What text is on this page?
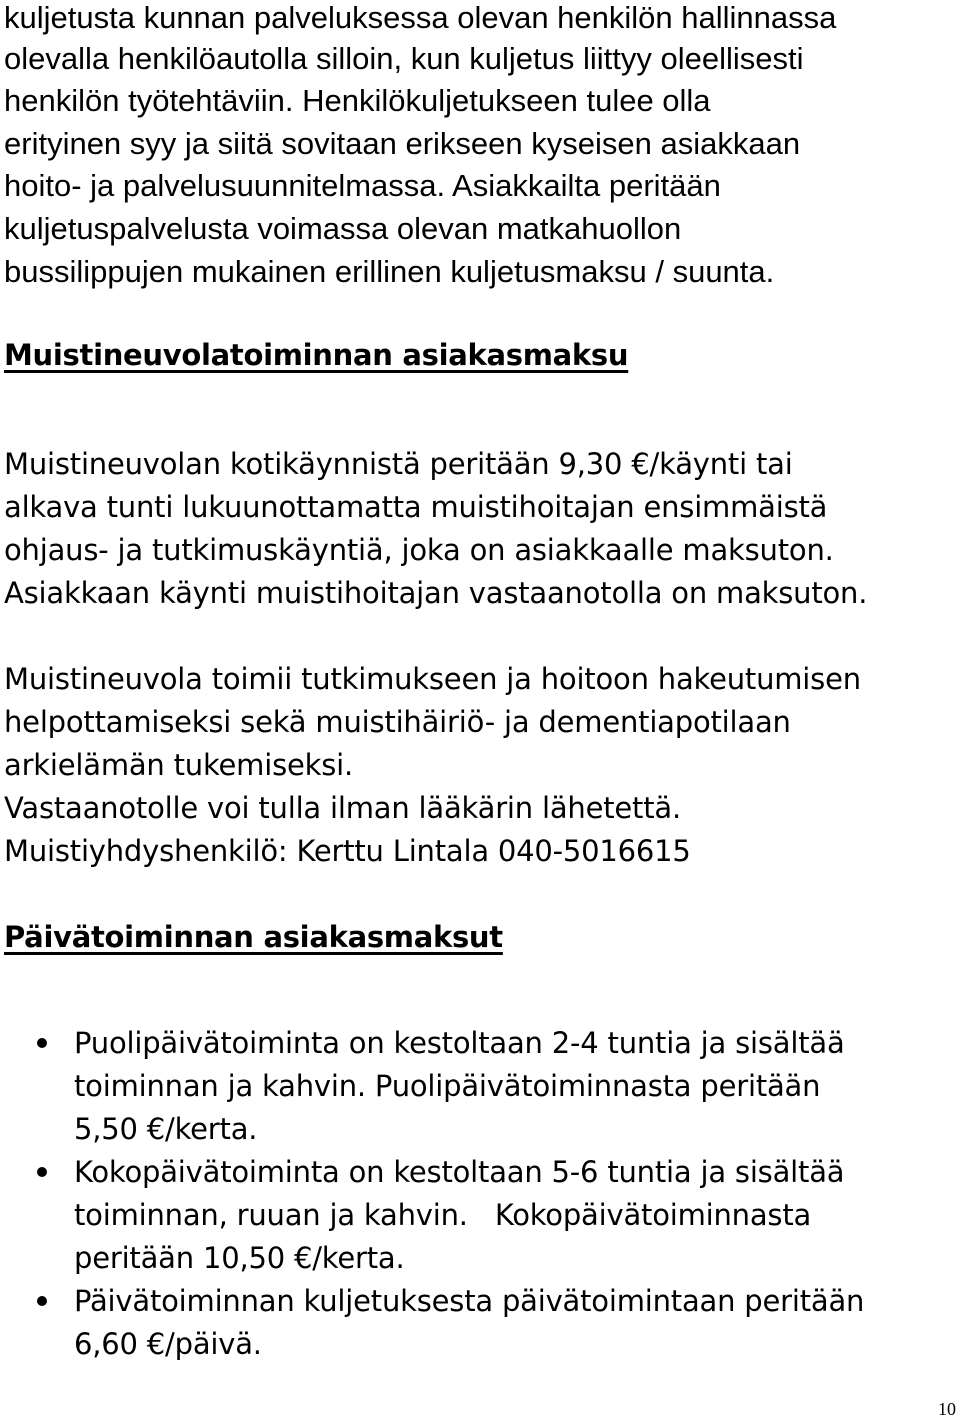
kuljetusta kunnan palveluksessa olevan henkilön hallinnassa
olevalla henkilöautolla silloin, kun kuljetus liittyy oleellisesti
henkilön työtehtäviin. Henkilökuljetukseen tulee olla
erityinen syy ja siitä sovitaan erikseen kyseisen asiakkaan
hoito- ja palvelusuunnitelmassa. Asiakkailta peritään
kuljetuspalvelusta voimassa olevan matkahuollon
bussilippujen mukainen erillinen kuljetusmaksu / suunta.
Muistineuvolatoiminnan asiakasmaksu
Muistineuvolan kotikäynnistä peritään 9,30 €/käynti tai
alkava tunti lukuunottamatta muistihoitajan ensimmäistä
ohjaus- ja tutkimuskäyntiä, joka on asiakkaalle maksuton.
Asiakkaan käynti muistihoitajan vastaanotolla on maksuton.
Muistineuvola toimii tutkimukseen ja hoitoon hakeutumisen
helpottamiseksi sekä muistihäiriö- ja dementiapotilaan
arkielämän tukemiseksi.
Vastaanotolle voi tulla ilman lääkärin lähetettä.
Muistiyhdyshenkilö: Kerttu Lintala 040-5016615
Päivätoiminnan asiakasmaksut
Puolipäivätoiminta on kestoltaan 2-4 tuntia ja sisältää
toiminnan ja kahvin. Puolipäivätoiminnasta peritään
5,50 €/kerta.
Kokopäivätoiminta on kestoltaan 5-6 tuntia ja sisältää
toiminnan, ruuan ja kahvin.   Kokopäivätoiminnasta
peritään 10,50 €/kerta.
Päivätoiminnan kuljetuksesta päivätoimintaan peritään
6,60 €/päivä.
10
